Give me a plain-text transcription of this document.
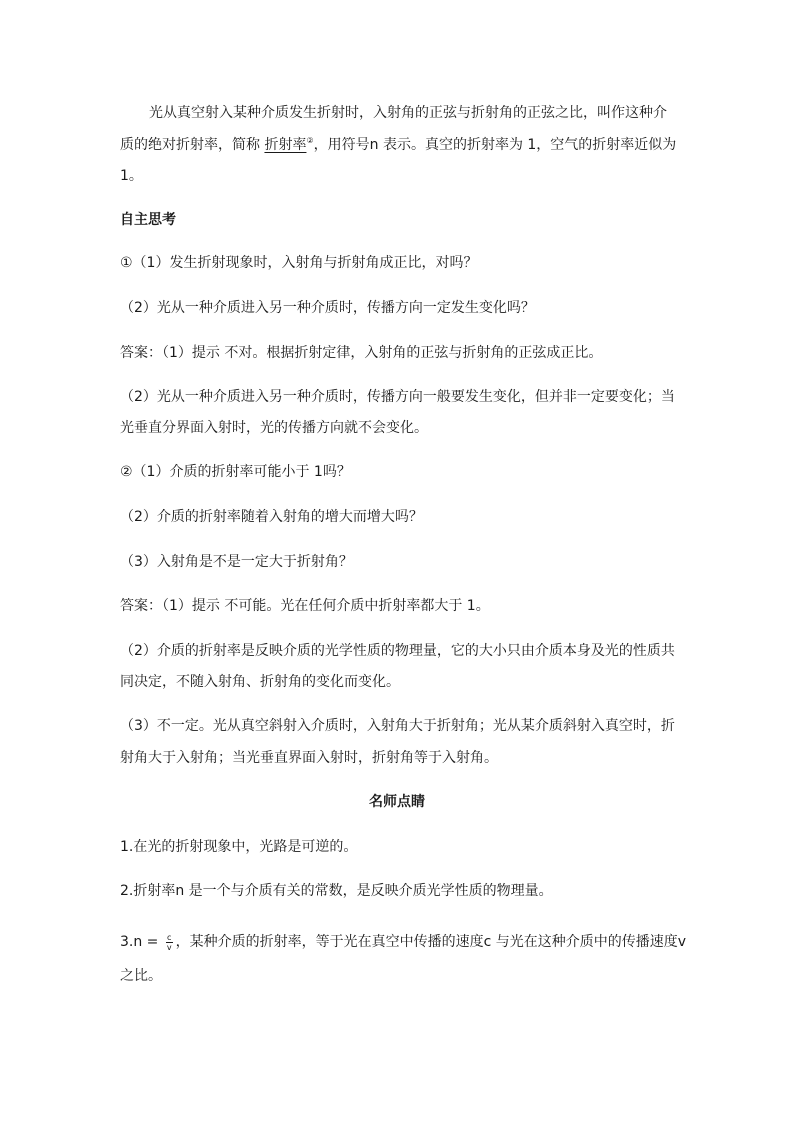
光从真空射入某种介质发生折射时，入射角的正弦与折射角的正弦之比，叫作这种介
质的绝对折射率，简称 折射率②，用符号n 表示。真空的折射率为 1，空气的折射率近似为
1。
自主思考
①（1）发生折射现象时，入射角与折射角成正比，对吗？
（2）光从一种介质进入另一种介质时，传播方向一定发生变化吗？
答案：（1）提示 不对。根据折射定律，入射角的正弦与折射角的正弦成正比。
（2）光从一种介质进入另一种介质时，传播方向一般要发生变化，但并非一定要变化；当
光垂直分界面入射时，光的传播方向就不会变化。
②（1）介质的折射率可能小于 1吗？
（2）介质的折射率随着入射角的增大而增大吗？
（3）入射角是不是一定大于折射角？
答案：（1）提示 不可能。光在任何介质中折射率都大于 1。
（2）介质的折射率是反映介质的光学性质的物理量，它的大小只由介质本身及光的性质共
同决定，不随入射角、折射角的变化而变化。
（3）不一定。光从真空斜射入介质时，入射角大于折射角；光从某介质斜射入真空时，折
射角大于入射角；当光垂直界面入射时，折射角等于入射角。
名师点睛
1.在光的折射现象中，光路是可逆的。
2.折射率n 是一个与介质有关的常数，是反映介质光学性质的物理量。
$3.n = \frac{c}{v}$ ，某种介质的折射率，等于光在真空中传播的速度c 与光在这种介质中的传播速度v
之比。
